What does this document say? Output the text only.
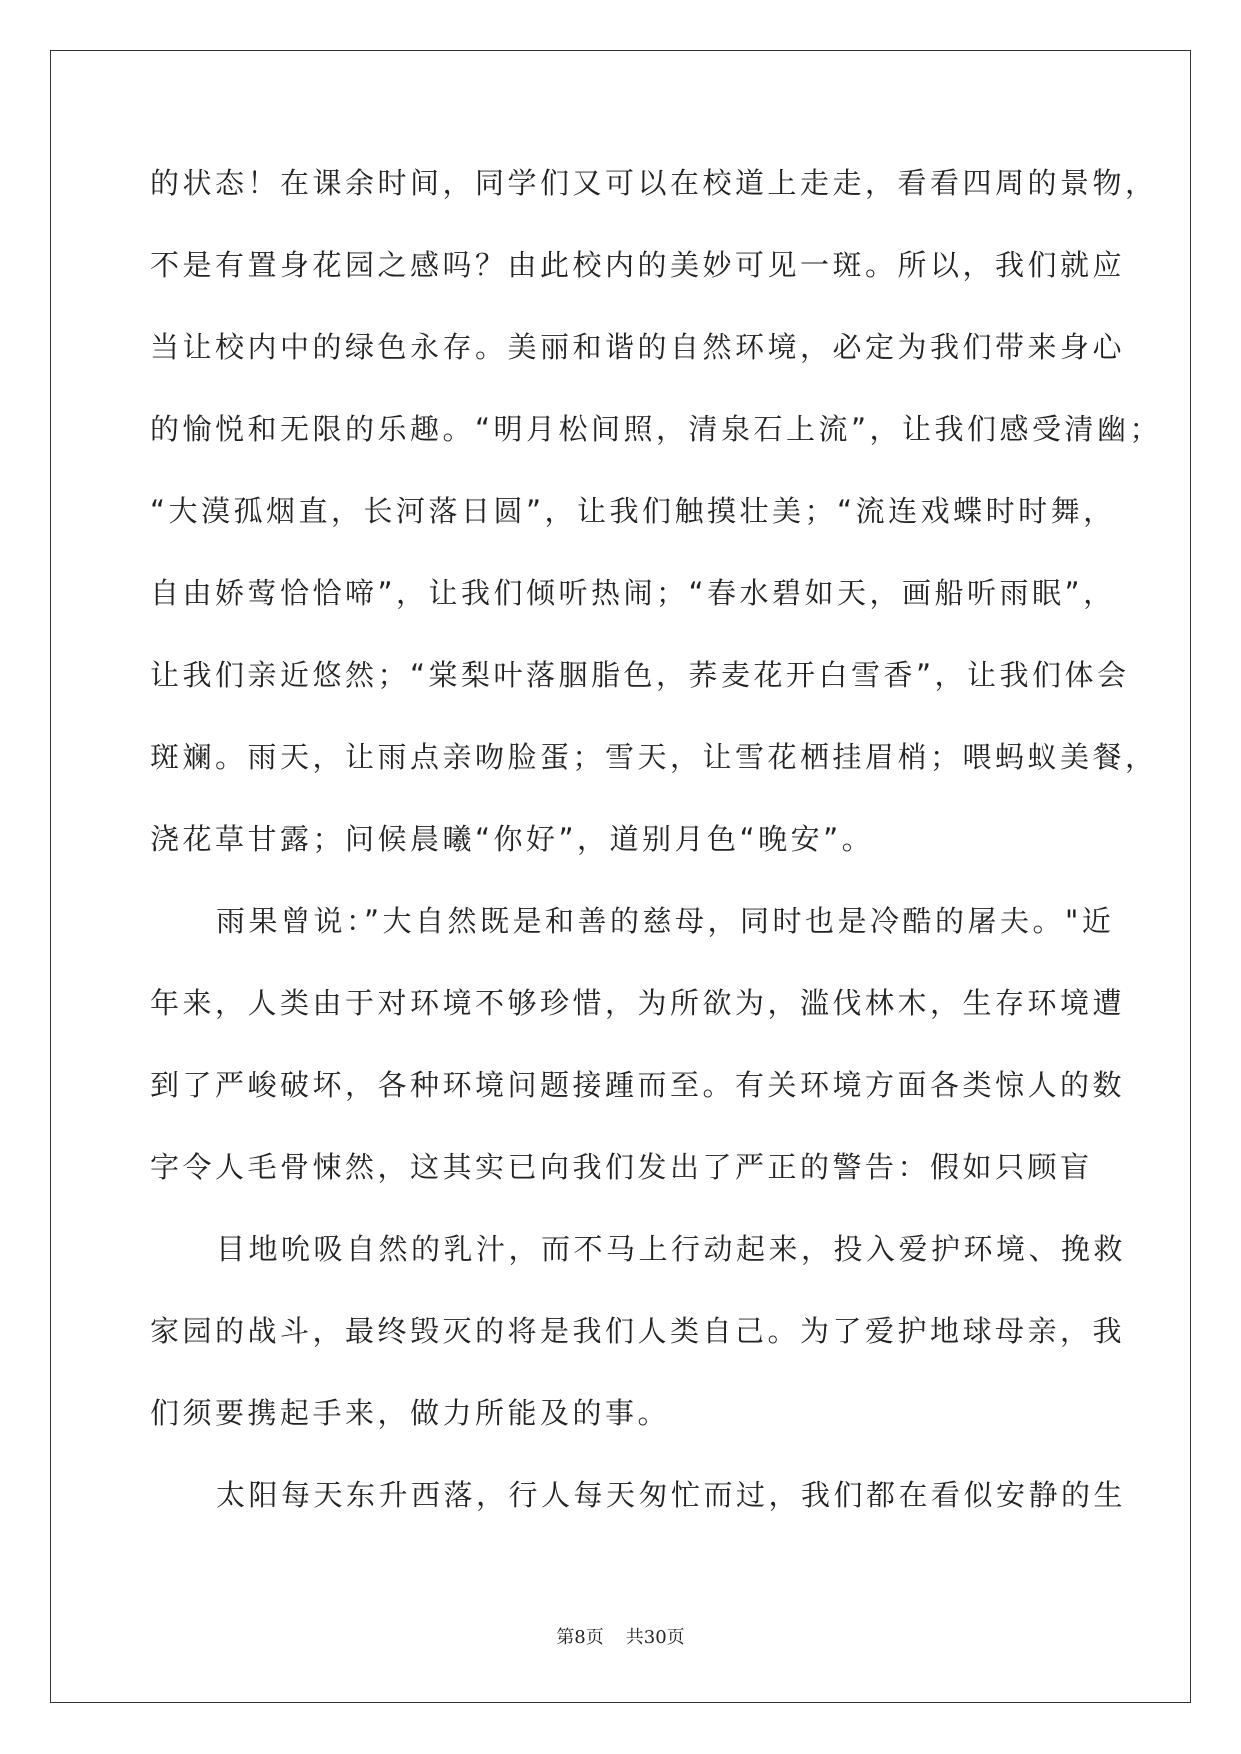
的状态！在课余时间，同学们又可以在校道上走走，看看四周的景物，
不是有置身花园之感吗？由此校内的美妙可见一斑。所以，我们就应
当让校内中的绿色永存。美丽和谐的自然环境，必定为我们带来身心
的愉悦和无限的乐趣。“明月松间照，清泉石上流”，让我们感受清幽；
“大漠孤烟直，长河落日圆”，让我们触摸壮美；“流连戏蝶时时舞，
自由娇莺恰恰啼”，让我们倾听热闹；“春水碧如天，画船听雨眠”，
让我们亲近悠然；“棠梨叶落胭脂色，荞麦花开白雪香”，让我们体会
斑斓。雨天，让雨点亲吻脸蛋；雪天，让雪花栖挂眉梢；喂蚂蚁美餐，
浇花草甘露；问候晨曦“你好”，道别月色“晚安”。
雨果曾说：”大自然既是和善的慈母，同时也是冷酷的屠夫。"近
年来，人类由于对环境不够珍惜，为所欲为，滥伐林木，生存环境遭
到了严峻破坏，各种环境问题接踵而至。有关环境方面各类惊人的数
字令人毛骨悚然，这其实已向我们发出了严正的警告：假如只顾盲
目地吮吸自然的乳汁，而不马上行动起来，投入爱护环境、挽救
家园的战斗，最终毁灭的将是我们人类自己。为了爱护地球母亲，我
们须要携起手来，做力所能及的事。
太阳每天东升西落，行人每天匆忙而过，我们都在看似安静的生
第8页 共30页
